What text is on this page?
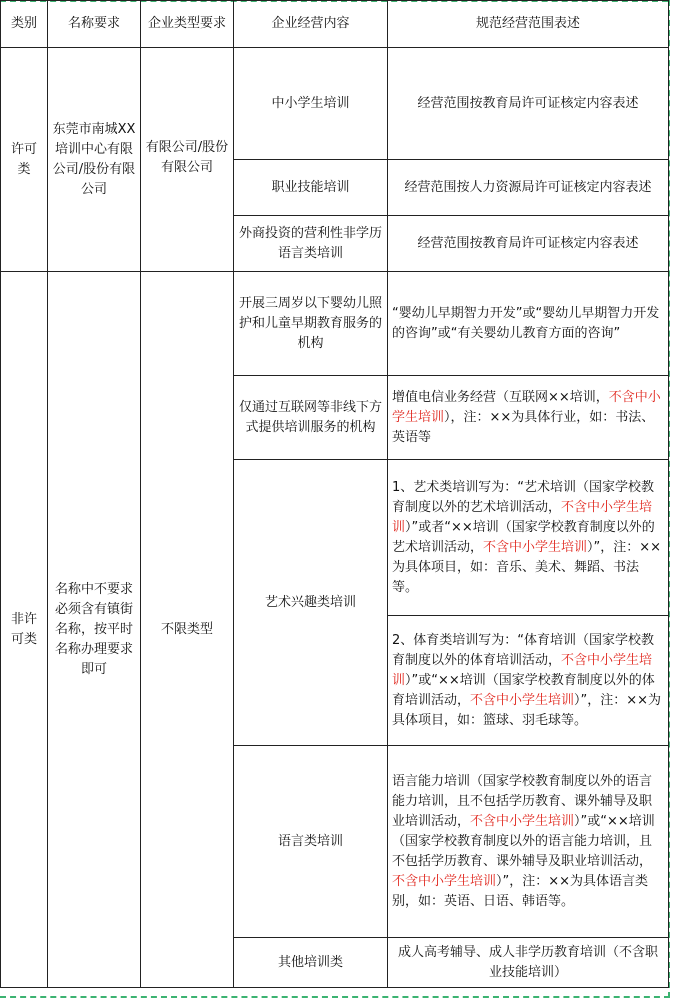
类别	名称要求	企业类型要求	企业经营内容	规范经营范围表述
许可类	东莞市南城XX培训中心有限公司/股份有限公司	有限公司/股份有限公司	中小学生培训	经营范围按教育局许可证核定内容表述
			职业技能培训	经营范围按人力资源局许可证核定内容表述
			外商投资的营利性非学历语言类培训	经营范围按教育局许可证核定内容表述
非许可类	名称中不要求必须含有镇街名称，按平时名称办理要求即可	不限类型	开展三周岁以下婴幼儿照护和儿童早期教育服务的机构	“婴幼儿早期智力开发”或“婴幼儿早期智力开发的咨询”或“有关婴幼儿教育方面的咨询”
			仅通过互联网等非线下方式提供培训服务的机构	增值电信业务经营（互联网××培训，不含中小学生培训），注：××为具体行业，如：书法、英语等
			艺术兴趣类培训	1、艺术类培训写为：“艺术培训（国家学校教育制度以外的艺术培训活动，不含中小学生培训）”或者“××培训（国家学校教育制度以外的艺术培训活动，不含中小学生培训）”，注：××为具体项目，如：音乐、美术、舞蹈、书法等。
				2、体育类培训写为：“体育培训（国家学校教育制度以外的体育培训活动，不含中小学生培训）”或“××培训（国家学校教育制度以外的体育培训活动，不含中小学生培训）”，注：××为具体项目，如：篮球、羽毛球等。
			语言类培训	语言能力培训（国家学校教育制度以外的语言能力培训，且不包括学历教育、课外辅导及职业培训活动，不含中小学生培训）”或“××培训（国家学校教育制度以外的语言能力培训，且不包括学历教育、课外辅导及职业培训活动，不含中小学生培训）”，注：××为具体语言类别，如：英语、日语、韩语等。
			其他培训类	成人高考辅导、成人非学历教育培训（不含职业技能培训）
